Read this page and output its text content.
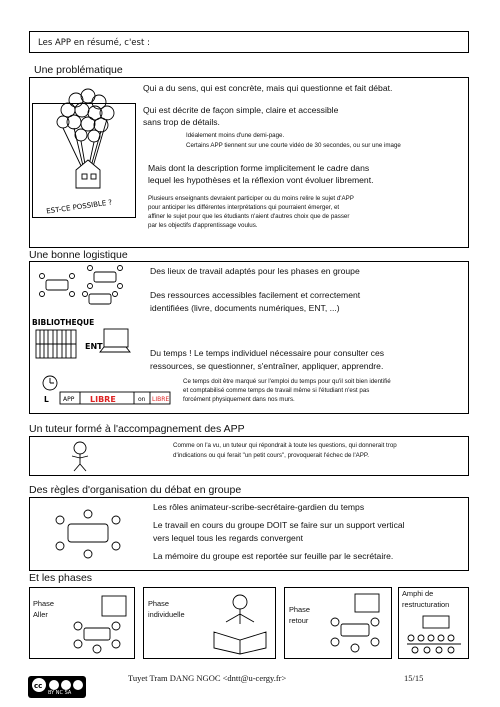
Les APP en résumé, c'est :
Une problématique
EST-CE POSSIBLE ?
Qui a du sens, qui est concrète, mais qui questionne et fait débat.
Qui est décrite de façon simple, claire et accessible
sans trop de détails.
Idéalement moins d'une demi-page.
Certains APP tiennent sur une courte vidéo de 30 secondes, ou sur une image
Mais dont la description forme implicitement le cadre dans
lequel les hypothèses et la réflexion vont évoluer librement.
Plusieurs enseignants devraient participer ou du moins relire le sujet d'APP
pour anticiper les différentes interprétations qui pourraient émerger, et
affiner le sujet pour que les étudiants n'aient d'autres choix que de passer
par les objectifs d'apprentissage voulus.
Une bonne logistique
BIBLIOTHEQUE
ENT
L APP LIBRE	on LIBRE
Des lieux de travail adaptés pour les phases en groupe
Des ressources accessibles facilement et correctement
identifiées (livre, documents numériques, ENT, ...)
Du temps ! Le temps individuel nécessaire pour consulter ces
ressources, se questionner, s'entraîner, appliquer, apprendre.
Ce temps doit être marqué sur l'emploi du temps pour qu'il soit bien identifié
et comptabilisé comme temps de travail même si l'étudiant n'est pas
forcément physiquement dans nos murs.
Un tuteur formé à l'accompagnement des APP
Comme on l'a vu, un tuteur qui répondrait à toute les questions, qui donnerait trop
d'indications ou qui ferait "un petit cours", provoquerait l'échec de l'APP.
Des règles d'organisation du débat en groupe
Les rôles animateur-scribe-secrétaire-gardien du temps
Le travail en cours du groupe DOIT se faire sur un support vertical
vers lequel tous les regards convergent
La mémoire du groupe est reportée sur feuille par le secrétaire.
Et les phases
Phase
Aller
Phase
individuelle
Phase
retour
Amphi de
restructuration
cc
BY NC SA
Tuyet Tram DANG NGOC <dntt@u-cergy.fr>	15/15
